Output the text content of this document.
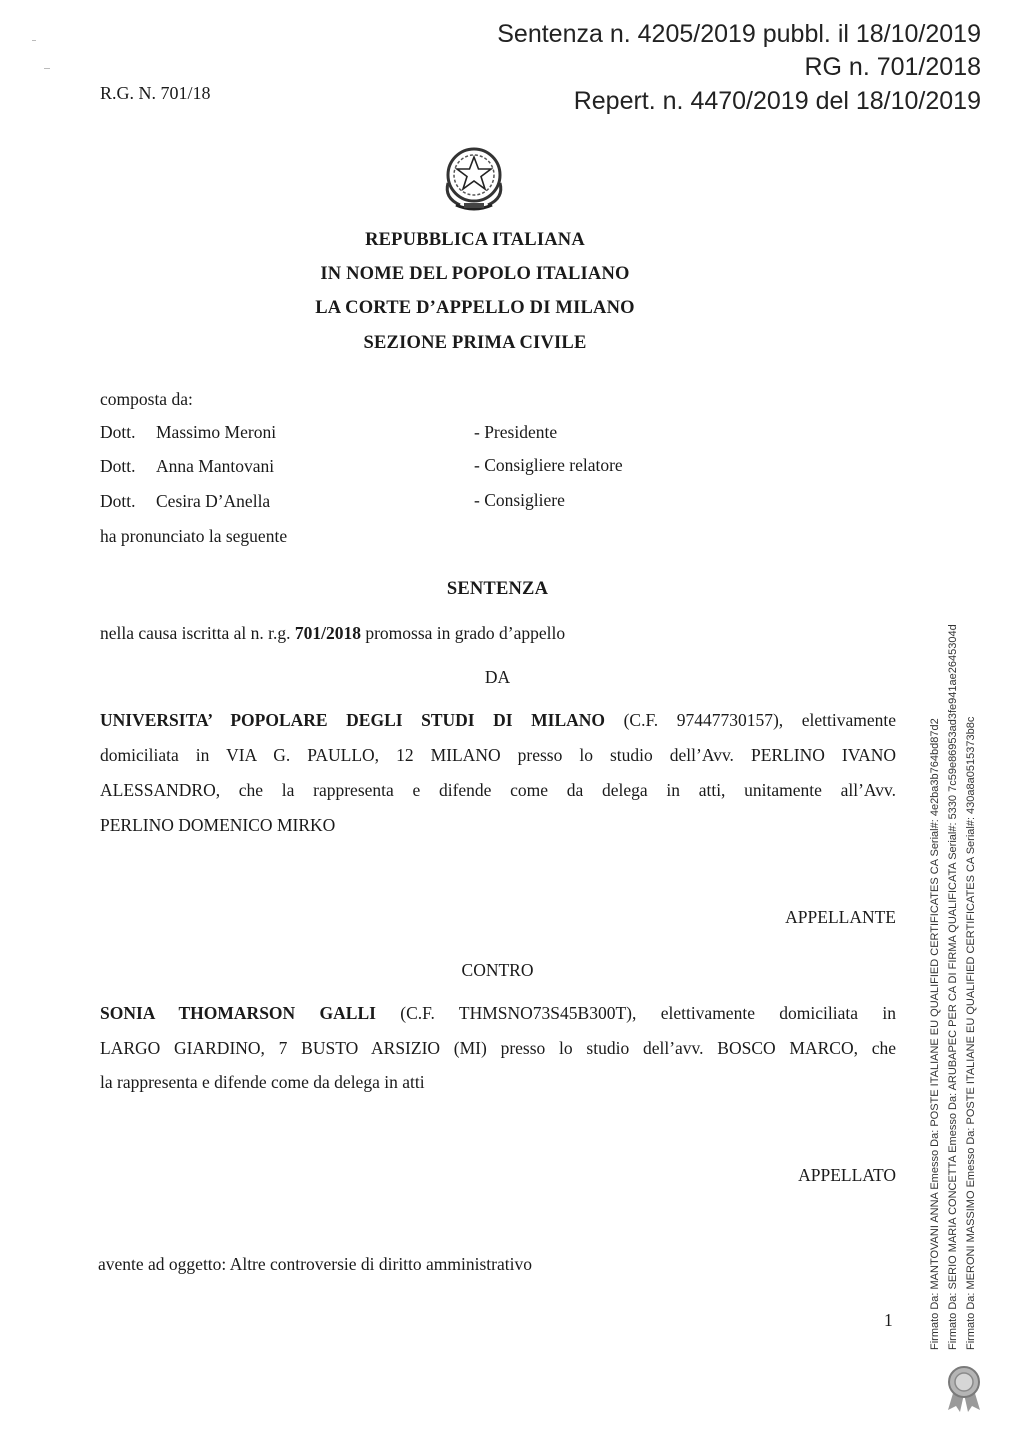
Sentenza n. 4205/2019 pubbl. il 18/10/2019
RG n. 701/2018
Repert. n. 4470/2019 del 18/10/2019
R.G. N. 701/18
REPUBBLICA ITALIANA
IN NOME DEL POPOLO ITALIANO
LA CORTE D’APPELLO DI MILANO
SEZIONE PRIMA CIVILE
composta da:
Dott. Massimo Meroni	- Presidente
Dott. Anna Mantovani	- Consigliere relatore
Dott. Cesira D’Anella	- Consigliere
ha pronunciato la seguente
SENTENZA
nella causa iscritta al n. r.g. 701/2018 promossa in grado d’appello
DA
UNIVERSITA’ POPOLARE DEGLI STUDI DI MILANO (C.F. 97447730157), elettivamente
domiciliata in VIA G. PAULLO, 12 MILANO presso lo studio dell’Avv. PERLINO IVANO
ALESSANDRO, che la rappresenta e difende come da delega in atti, unitamente all’Avv.
PERLINO DOMENICO MIRKO
APPELLANTE
CONTRO
SONIA THOMARSON GALLI (C.F. THMSNO73S45B300T), elettivamente domiciliata in
LARGO GIARDINO, 7 BUSTO ARSIZIO (MI) presso lo studio dell’avv. BOSCO MARCO, che
la rappresenta e difende come da delega in atti
APPELLATO
avente ad oggetto: Altre controversie di diritto amministrativo
1	Firmato Da: MANTOVANI ANNA Emesso Da: POSTE ITALIANE EU QUALIFIED CERTIFICATES CA Serial#: 4e2ba3b764bd87d2 Firmato Da: SERIO MARIA CONCETTA Emesso Da: ARUBAPEC PER CA DI FIRMA QUALIFICATA Serial#: 5330 7c59e86953ad3fe941ae2645304d Firmato Da: MERONI MASSIMO Emesso Da: POSTE ITALIANE EU QUALIFIED CERTIFICATES CA Serial#: 430a8a0515373b8c
